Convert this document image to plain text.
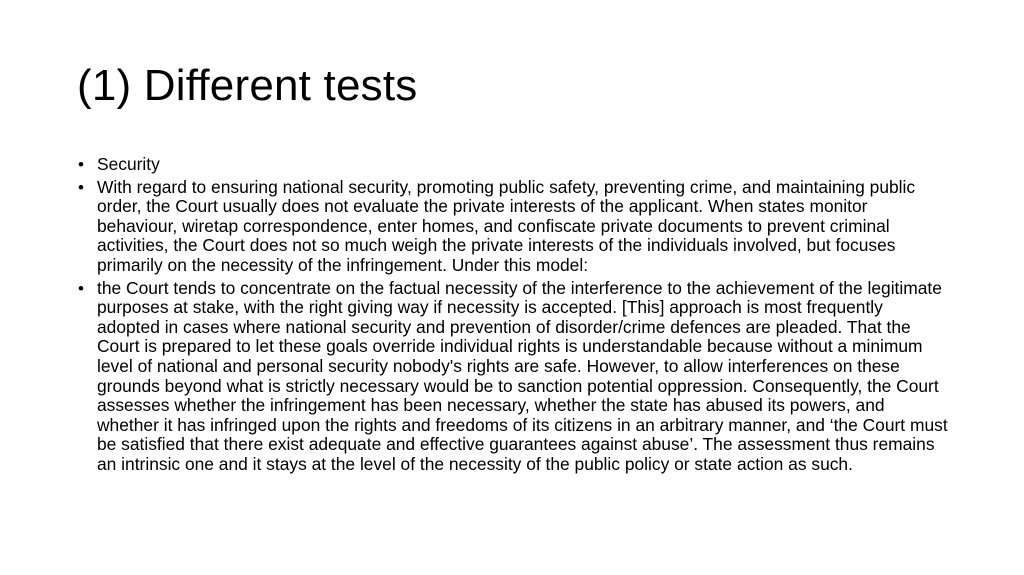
(1) Different tests
• Security
• With regard to ensuring national security, promoting public safety, preventing crime, and maintaining public order, the Court usually does not evaluate the private interests of the applicant. When states monitor behaviour, wiretap correspondence, enter homes, and confiscate private documents to prevent criminal activities, the Court does not so much weigh the private interests of the individuals involved, but focuses primarily on the necessity of the infringement. Under this model:
• the Court tends to concentrate on the factual necessity of the interference to the achievement of the legitimate purposes at stake, with the right giving way if necessity is accepted. [This] approach is most frequently adopted in cases where national security and prevention of disorder/crime defences are pleaded. That the Court is prepared to let these goals override individual rights is understandable because without a minimum level of national and personal security nobody's rights are safe. However, to allow interferences on these grounds beyond what is strictly necessary would be to sanction potential oppression. Consequently, the Court assesses whether the infringement has been necessary, whether the state has abused its powers, and whether it has infringed upon the rights and freedoms of its citizens in an arbitrary manner, and ‘the Court must be satisfied that there exist adequate and effective guarantees against abuse’. The assessment thus remains an intrinsic one and it stays at the level of the necessity of the public policy or state action as such.
